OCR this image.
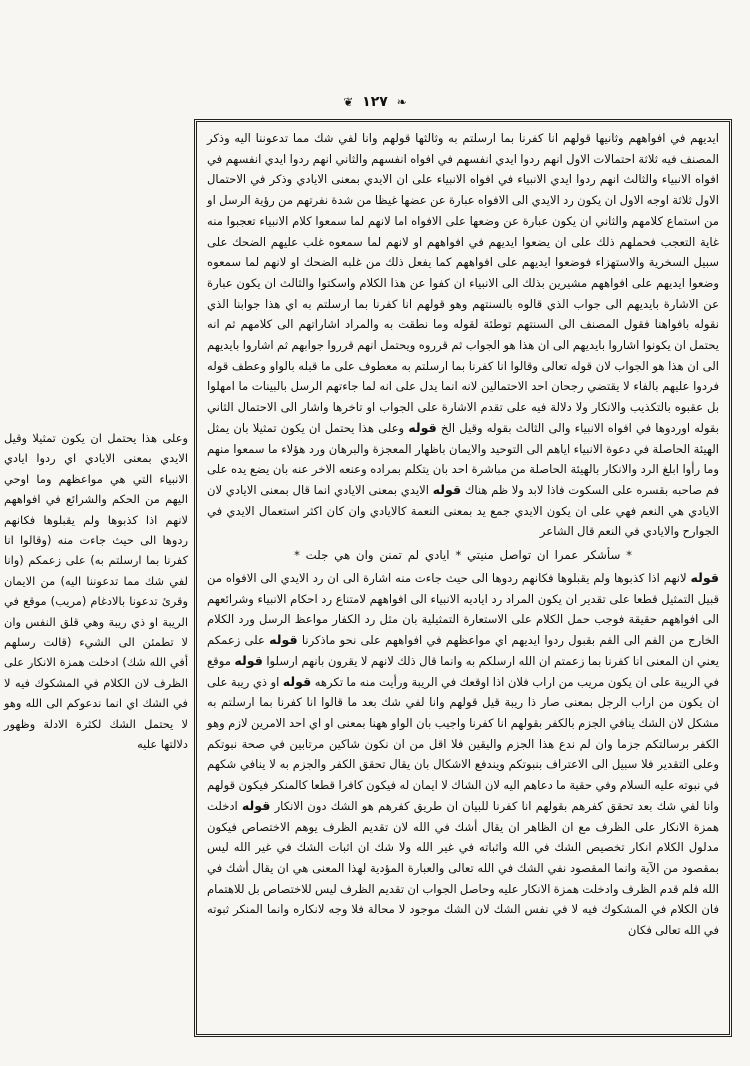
❦ ١٢٧ ❧

ايديهم في افواههم وثانيها قولهم انا كفرنا بما ارسلتم به وثالثها قولهم وانا لفي شك مما تدعوننا اليه وذكر المصنف فيه ثلاثة احتمالات الاول انهم ردوا ايدي انفسهم في افواه انفسهم والثاني انهم ردوا ايدي انفسهم في افواه الانبياء والثالث انهم ردوا ايدي الانبياء في افواه الانبياء على ان الايدي بمعنى الايادي وذكر في الاحتمال الاول ثلاثة اوجه الاول ان يكون رد الايدي الى الافواه عبارة عن عضها غيظا من شدة نفرتهم من رؤية الرسل او من استماع كلامهم والثاني ان يكون عبارة عن وضعها على الافواه اما لانهم لما سمعوا كلام الانبياء تعجبوا منه غاية التعجب فحملهم ذلك على ان يضعوا ايديهم في افواههم او لانهم لما سمعوه غلب عليهم الضحك على سبيل السخرية والاستهزاء فوضعوا ايديهم على افواههم كما يفعل ذلك من غلبه الضحك او لانهم لما سمعوه وضعوا ايديهم على افواههم مشيرين بذلك الى الانبياء ان كفوا عن هذا الكلام واسكتوا والثالث ان يكون عبارة عن الاشارة بايديهم الى جواب الذي قالوه بالسنتهم وهو قولهم انا كفرنا بما ارسلتم به اي هذا جوابنا الذي نقوله بافواهنا فقول المصنف الى السنتهم توطئة لقوله وما نطقت به والمراد اشاراتهم الى كلامهم ثم انه يحتمل ان يكونوا اشاروا بايديهم الى ان هذا هو الجواب ثم قرروه ويحتمل انهم قرروا جوابهم ثم اشاروا بايديهم الى ان هذا هو الجواب لان قوله تعالى وقالوا انا كفرنا بما ارسلتم به معطوف على ما قبله بالواو وعطف قوله فردوا عليهم بالفاء لا يقتضي رجحان احد الاحتمالين لانه انما يدل على انه لما جاءتهم الرسل بالبينات ما امهلوا بل عقبوه بالتكذيب والانكار ولا دلالة فيه على تقدم الاشارة على الجواب او تاخرها واشار الى الاحتمال الثاني بقوله اوردوها في افواه الانبياء والى الثالث بقوله وقيل الخ قوله وعلى هذا يحتمل ان يكون تمثيلا بان يمثل الهيئة الحاصلة في دعوة الانبياء اياهم الى التوحيد والايمان باظهار المعجزة والبرهان ورد هؤلاء ما سمعوا منهم وما رأوا ابلغ الرد والانكار بالهيئة الحاصلة من مباشرة احد بان يتكلم بمراده وعنعه الاخر عنه بان يضع يده على فم صاحبه بقسره على السكوت فاذا لابد ولا ظم هناك قوله الايدي بمعنى الايادي انما قال بمعنى الايادي لان الايادي هي النعم فهي على ان يكون الايدي جمع يد بمعنى النعمة كالايادي وان كان اكثر استعمال الايدي في الجوارح والايادي في النعم قال الشاعر

* سأشكر عمرا ان تواصل منيتي * ايادي لم تمنن وان هي جلت *

قوله لانهم اذا كذبوها ولم يقبلوها فكانهم ردوها الى حيث جاءت منه اشارة الى ان رد الايدي الى الافواه من قبيل التمثيل قطعا على تقدير ان يكون المراد رد اياديه الانبياء الى افواههم لامتناع رد احكام الانبياء وشرائعهم الى افواههم حقيقة فوجب حمل الكلام على الاستعارة التمثيلية بان مثل رد الكفار مواعظ الرسل ورد الكلام الخارج من الفم الى الفم بقبول ردوا ايديهم اي مواعظهم في افواههم على نحو ماذكرنا قوله على زعمكم يعني ان المعنى انا كفرنا بما زعمتم ان الله ارسلكم به وانما قال ذلك لانهم لا يقرون بانهم ارسلوا قوله موقع في الريبة على ان يكون مريب من اراب فلان اذا اوقعك في الريبة ورأيت منه ما تكرهه قوله او ذي ريبة على ان يكون من اراب الرجل بمعنى صار ذا ريبة قيل قولهم وانا لفي شك بعد ما قالوا انا كفرنا بما ارسلتم به مشكل لان الشك ينافي الجزم بالكفر بقولهم انا كفرنا واجيب بان الواو ههنا بمعنى او اي احد الامرين لازم وهو الكفر برسالتكم جزما وان لم ندع هذا الجزم واليقين فلا اقل من ان نكون شاكين مرتابين في صحة نبوتكم وعلى التقدير فلا سبيل الى الاعتراف بنبوتكم ويندفع الاشكال بان يقال تحقق الكفر والجزم به لا ينافي شكهم في نبوته عليه السلام وفي حقية ما دعاهم اليه لان الشاك لا ايمان له فيكون كافرا قطعا كالمنكر فيكون قولهم وانا لفي شك بعد تحقق كفرهم بقولهم انا كفرنا للبيان ان طريق كفرهم هو الشك دون الانكار قوله ادخلت همزة الانكار على الظرف مع ان الظاهر ان يقال أشك في الله لان تقديم الظرف يوهم الاختصاص فيكون مدلول الكلام انكار تخصيص الشك في الله واثباته في غير الله ولا شك ان اثبات الشك في غير الله ليس بمقصود من الآية وانما المقصود نفي الشك في الله تعالى والعبارة المؤدية لهذا المعنى هي ان يقال أشك في الله فلم قدم الظرف وادخلت همزة الانكار عليه وحاصل الجواب ان تقديم الظرف ليس للاختصاص بل للاهتمام فان الكلام في المشكوك فيه لا في نفس الشك لان الشك موجود لا محالة فلا وجه لانكاره وانما المنكر ثبوته في الله تعالى فكان

وعلى هذا يحتمل ان يكون تمثيلا وقيل الايدي بمعنى الايادي اي ردوا ايادي الانبياء التي هي مواعظهم وما اوحي اليهم من الحكم والشرائع في افواههم لانهم اذا كذبوها ولم يقبلوها فكانهم ردوها الى حيث جاءت منه (وقالوا انا كفرنا بما ارسلتم به) على زعمكم (وانا لفي شك مما تدعوننا اليه) من الايمان وقرئ تدعونا بالادغام (مريب) موقع في الريبة او ذي ريبة وهي قلق النفس وان لا تطمئن الى الشيء (قالت رسلهم أفي الله شك) ادخلت همزة الانكار على الظرف لان الكلام في المشكوك فيه لا في الشك اي انما ندعوكم الى الله وهو لا يحتمل الشك لكثرة الادلة وظهور دلالتها عليه
